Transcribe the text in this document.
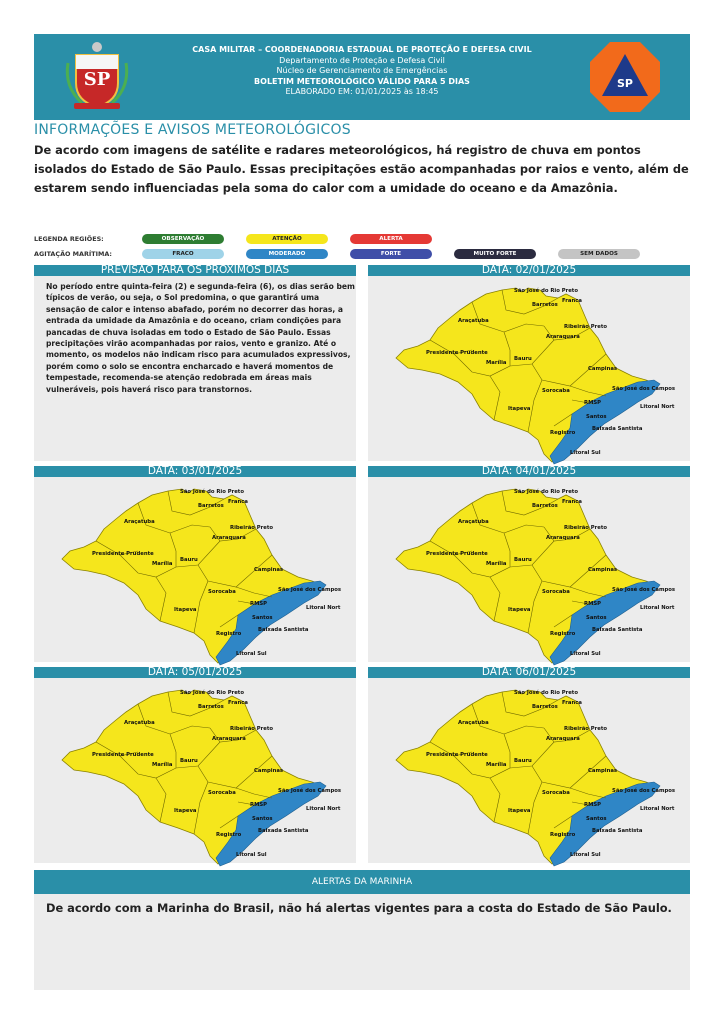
SP
CASA MILITAR – COORDENADORIA ESTADUAL DE PROTEÇÃO E DEFESA CIVIL
Departamento de Proteção e Defesa Civil
Núcleo de Gerenciamento de Emergências
BOLETIM METEOROLÓGICO VÁLIDO PARA 5 DIAS
ELABORADO EM: 01/01/2025 às 18:45
SP
INFORMAÇÕES E AVISOS METEOROLÓGICOS
De acordo com imagens de satélite e radares meteorológicos, há registro de chuva em pontos isolados do Estado de São Paulo. Essas precipitações estão acompanhadas por raios e vento, além de estarem sendo influenciadas pela soma do calor com a umidade do oceano e da Amazônia.
LEGENDA REGIÕES:
AGITAÇÃO MARÍTIMA:
OBSERVAÇÃO	ATENÇÃO	ALERTA
FRACO	MODERADO	FORTE	MUITO FORTE	SEM DADOS
PREVISÃO PARA OS PRÓXIMOS DIAS
No período entre quinta-feira (2) e segunda-feira (6), os dias serão bem típicos de verão, ou seja, o Sol predomina, o que garantirá uma sensação de calor e intenso abafado, porém no decorrer das horas, a entrada da umidade da Amazônia e do oceano, criam condições para pancadas de chuva isoladas em todo o Estado de São Paulo. Essas precipitações virão acompanhadas por raios, vento e granizo. Até o momento, os modelos não indicam risco para acumulados expressivos, porém como o solo se encontra encharcado e haverá momentos de tempestade, recomenda-se atenção redobrada em áreas mais vulneráveis, pois haverá risco para transtornos.
DATA: 02/01/2025
São José do Rio Preto
Franca
Barretos
Araçatuba
Ribeirão Preto
Araraquara
Presidente Prudente
Bauru
Marília
Campinas
Sorocaba	São José dos Campos
RMSP
Litoral Nort
Itapeva
Santos
Registro
Baixada Santista
Litoral Sul
DATA: 03/01/2025
São José do Rio Preto
Franca
Barretos
Araçatuba
Ribeirão Preto
Araraquara
Presidente Prudente
Bauru
Marília
Campinas
Sorocaba	São José dos Campos
RMSP
Litoral Nort
Itapeva
Santos
Registro
Baixada Santista
Litoral Sul
DATA: 04/01/2025
São José do Rio Preto
Franca
Barretos
Araçatuba
Ribeirão Preto
Araraquara
Presidente Prudente
Bauru
Marília
Campinas
Sorocaba	São José dos Campos
RMSP
Litoral Nort
Itapeva
Santos
Registro
Baixada Santista
Litoral Sul
DATA: 05/01/2025
São José do Rio Preto
Franca
Barretos
Araçatuba
Ribeirão Preto
Araraquara
Presidente Prudente
Bauru
Marília
Campinas
Sorocaba	São José dos Campos
RMSP
Litoral Nort
Itapeva
Santos
Registro
Baixada Santista
Litoral Sul
DATA: 06/01/2025
São José do Rio Preto
Franca
Barretos
Araçatuba
Ribeirão Preto
Araraquara
Presidente Prudente
Bauru
Marília
Campinas
Sorocaba	São José dos Campos
RMSP
Litoral Nort
Itapeva
Santos
Registro
Baixada Santista
Litoral Sul
ALERTAS DA MARINHA
De acordo com a Marinha do Brasil, não há alertas vigentes para a costa do Estado de São Paulo.
